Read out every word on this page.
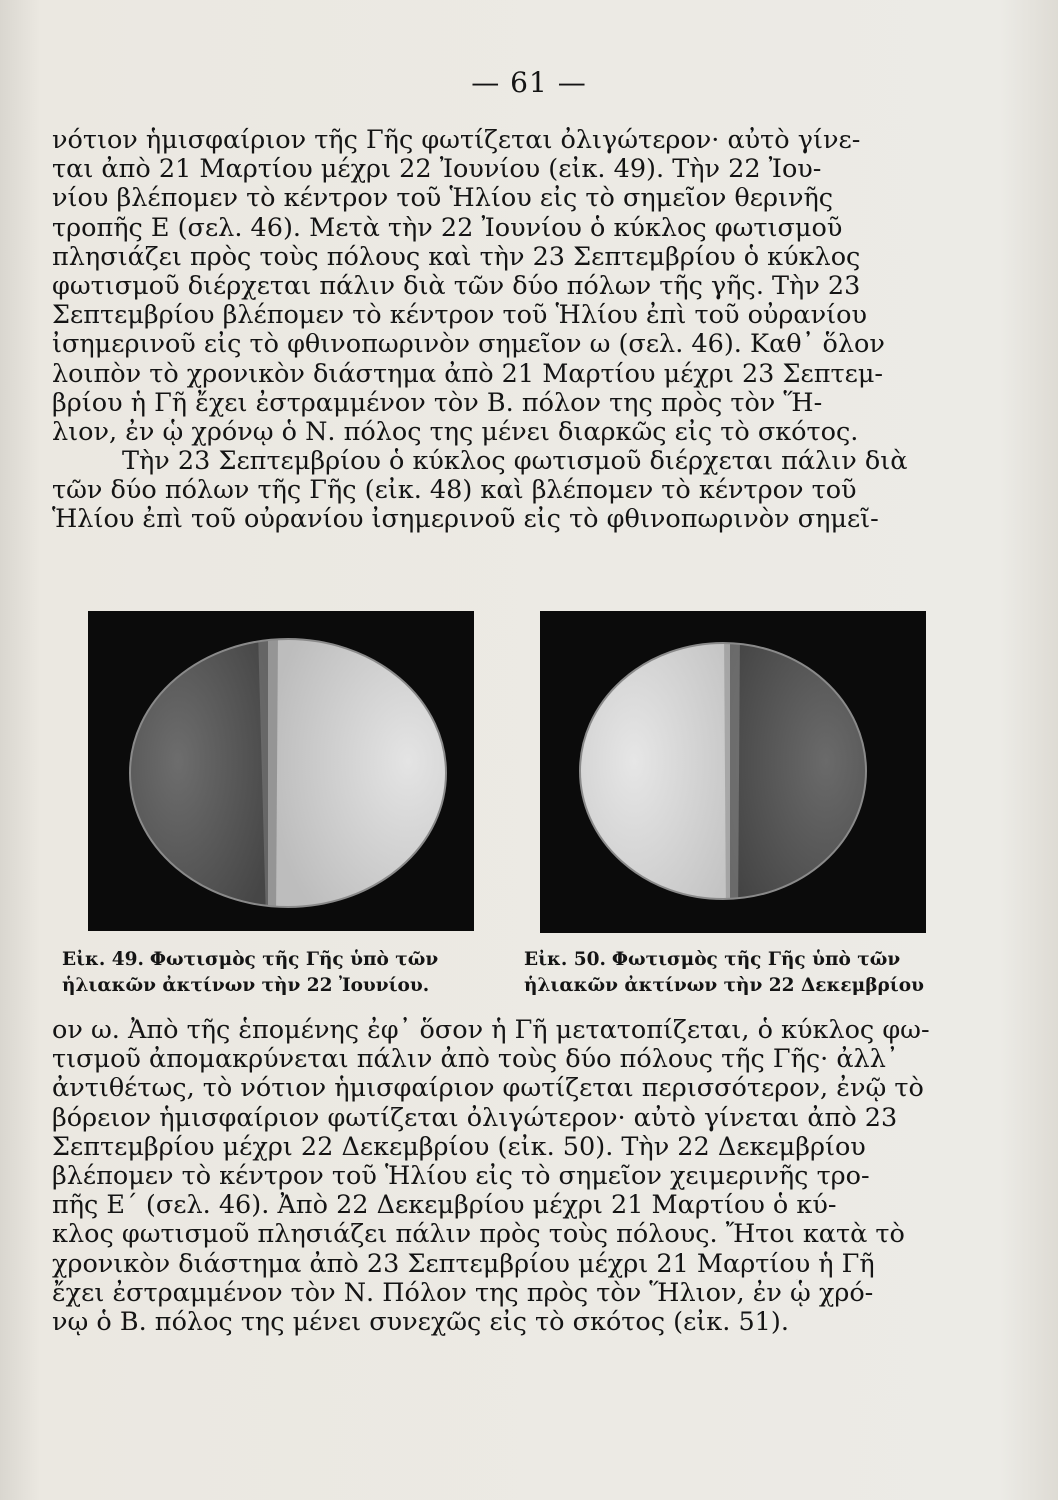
— 61 —
νότιον ἡμισφαίριον τῆς Γῆς φωτίζεται ὀλιγώτερον· αὐτὸ γίνε-
ται ἀπὸ 21 Μαρτίου μέχρι 22 Ἰουνίου (εἰκ. 49). Τὴν 22 Ἰου-
νίου βλέπομεν τὸ κέντρον τοῦ Ἡλίου εἰς τὸ σημεῖον θερινῆς
τροπῆς Ε (σελ. 46). Μετὰ τὴν 22 Ἰουνίου ὁ κύκλος φωτισμοῦ
πλησιάζει πρὸς τοὺς πόλους καὶ τὴν 23 Σεπτεμβρίου ὁ κύκλος
φωτισμοῦ διέρχεται πάλιν διὰ τῶν δύο πόλων τῆς γῆς. Τὴν 23
Σεπτεμβρίου βλέπομεν τὸ κέντρον τοῦ Ἡλίου ἐπὶ τοῦ οὐρανίου
ἰσημερινοῦ εἰς τὸ φθινοπωρινὸν σημεῖον ω (σελ. 46). Καθ᾽ ὅλον
λοιπὸν τὸ χρονικὸν διάστημα ἀπὸ 21 Μαρτίου μέχρι 23 Σεπτεμ-
βρίου ἡ Γῆ ἔχει ἐστραμμένον τὸν Β. πόλον της πρὸς τὸν Ἥ-
λιον, ἐν ᾧ χρόνῳ ὁ Ν. πόλος της μένει διαρκῶς εἰς τὸ σκότος.
Τὴν 23 Σεπτεμβρίου ὁ κύκλος φωτισμοῦ διέρχεται πάλιν διὰ
τῶν δύο πόλων τῆς Γῆς (εἰκ. 48) καὶ βλέπομεν τὸ κέντρον τοῦ
Ἡλίου ἐπὶ τοῦ οὐρανίου ἰσημερινοῦ εἰς τὸ φθινοπωρινὸν σημεῖ-
Εἰκ. 49. Φωτισμὸς τῆς Γῆς ὑπὸ τῶν
ἡλιακῶν ἀκτίνων τὴν 22 Ἰουνίου.
Εἰκ. 50. Φωτισμὸς τῆς Γῆς ὑπὸ τῶν
ἡλιακῶν ἀκτίνων τὴν 22 Δεκεμβρίου
ον ω. Ἀπὸ τῆς ἑπομένης ἐφ᾽ ὅσον ἡ Γῆ μετατοπίζεται, ὁ κύκλος φω-
τισμοῦ ἀπομακρύνεται πάλιν ἀπὸ τοὺς δύο πόλους τῆς Γῆς· ἀλλ᾽
ἀντιθέτως, τὸ νότιον ἡμισφαίριον φωτίζεται περισσότερον, ἐνῷ τὸ
βόρειον ἡμισφαίριον φωτίζεται ὀλιγώτερον· αὐτὸ γίνεται ἀπὸ 23
Σεπτεμβρίου μέχρι 22 Δεκεμβρίου (εἰκ. 50). Τὴν 22 Δεκεμβρίου
βλέπομεν τὸ κέντρον τοῦ Ἡλίου εἰς τὸ σημεῖον χειμερινῆς τρο-
πῆς Ε΄ (σελ. 46). Ἀπὸ 22 Δεκεμβρίου μέχρι 21 Μαρτίου ὁ κύ-
κλος φωτισμοῦ πλησιάζει πάλιν πρὸς τοὺς πόλους. Ἤτοι κατὰ τὸ
χρονικὸν διάστημα ἀπὸ 23 Σεπτεμβρίου μέχρι 21 Μαρτίου ἡ Γῆ
ἔχει ἐστραμμένον τὸν Ν. Πόλον της πρὸς τὸν Ἥλιον, ἐν ᾧ χρό-
νῳ ὁ Β. πόλος της μένει συνεχῶς εἰς τὸ σκότος (εἰκ. 51).
